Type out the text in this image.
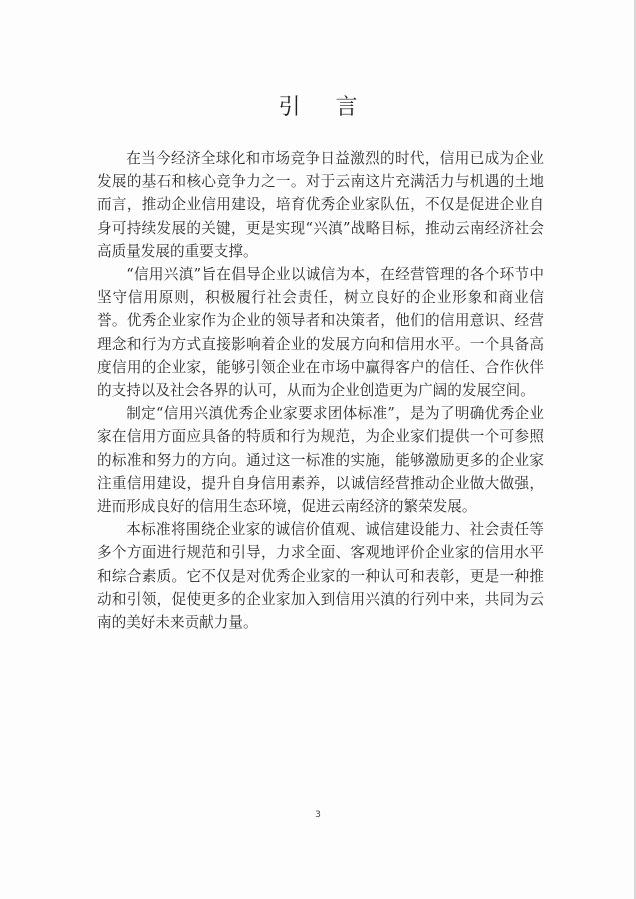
引 言

在当今经济全球化和市场竞争日益激烈的时代，信用已成为企业发展的基石和核心竞争力之一。对于云南这片充满活力与机遇的土地而言，推动企业信用建设，培育优秀企业家队伍，不仅是促进企业自身可持续发展的关键，更是实现“兴滇”战略目标，推动云南经济社会高质量发展的重要支撑。

“信用兴滇”旨在倡导企业以诚信为本，在经营管理的各个环节中坚守信用原则，积极履行社会责任，树立良好的企业形象和商业信誉。优秀企业家作为企业的领导者和决策者，他们的信用意识、经营理念和行为方式直接影响着企业的发展方向和信用水平。一个具备高度信用的企业家，能够引领企业在市场中赢得客户的信任、合作伙伴的支持以及社会各界的认可，从而为企业创造更为广阔的发展空间。

制定“信用兴滇优秀企业家要求团体标准”，是为了明确优秀企业家在信用方面应具备的特质和行为规范，为企业家们提供一个可参照的标准和努力的方向。通过这一标准的实施，能够激励更多的企业家注重信用建设，提升自身信用素养，以诚信经营推动企业做大做强，进而形成良好的信用生态环境，促进云南经济的繁荣发展。

本标准将围绕企业家的诚信价值观、诚信建设能力、社会责任等多个方面进行规范和引导，力求全面、客观地评价企业家的信用水平和综合素质。它不仅是对优秀企业家的一种认可和表彰，更是一种推动和引领，促使更多的企业家加入到信用兴滇的行列中来，共同为云南的美好未来贡献力量。

3
